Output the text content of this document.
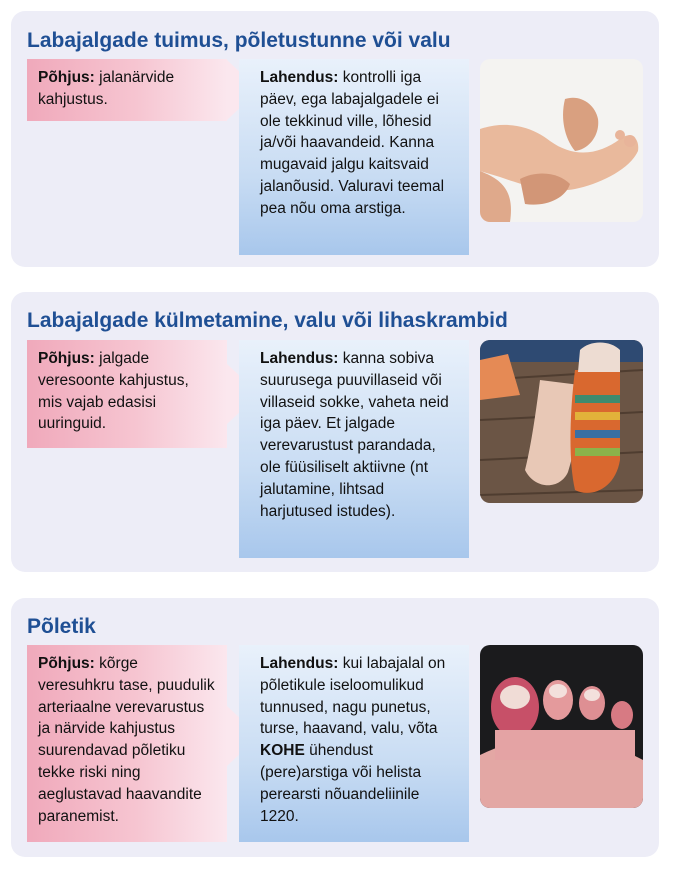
Labajalgade tuimus, põletustunne või valu
Põhjus: jalanärvide kahjustus.
Lahendus: kontrolli iga päev, ega labajalgadele ei ole tekkinud ville, lõhesid ja/või haavandeid. Kanna mugavaid jalgu kaitsvaid jalanõusid. Valuravi teemal pea nõu oma arstiga.
Labajalgade külmetamine, valu või lihaskrambid
Põhjus: jalgade veresoonte kahjustus, mis vajab edasisi uuringuid.
Lahendus: kanna sobiva suurusega puuvillaseid või villaseid sokke, vaheta neid iga päev. Et jalgade verevarustust parandada, ole füüsiliselt aktiivne (nt jalutamine, lihtsad harjutused istudes).
Põletik
Põhjus: kõrge veresuhkru tase, puudulik arteriaalne verevarustus ja närvide kahjustus suurendavad põletiku tekke riski ning aeglustavad haavandite paranemist.
Lahendus: kui labajalal on põletikule iseloomulikud tunnused, nagu punetus, turse, haavand, valu, võta KOHE ühendust (pere)arstiga või helista perearsti nõuandeliinile 1220.
